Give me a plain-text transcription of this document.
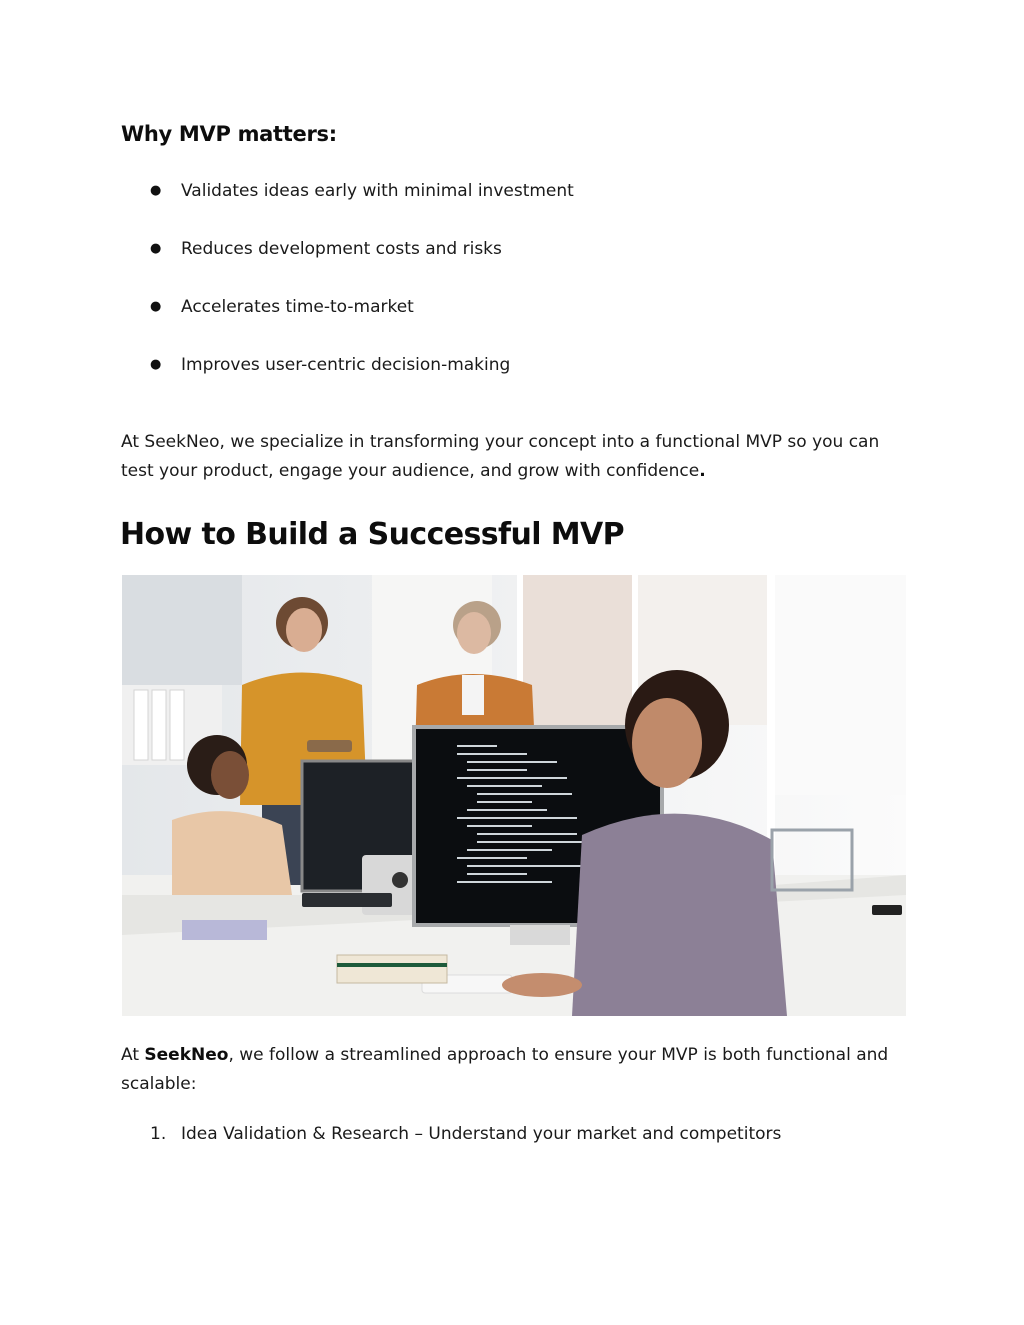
Why MVP matters:
● Validates ideas early with minimal investment
● Reduces development costs and risks
● Accelerates time-to-market
● Improves user-centric decision-making

At SeekNeo, we specialize in transforming your concept into a functional MVP so you can test your product, engage your audience, and grow with confidence.

How to Build a Successful MVP

At SeekNeo, we follow a streamlined approach to ensure your MVP is both functional and scalable:

1. Idea Validation & Research – Understand your market and competitors
